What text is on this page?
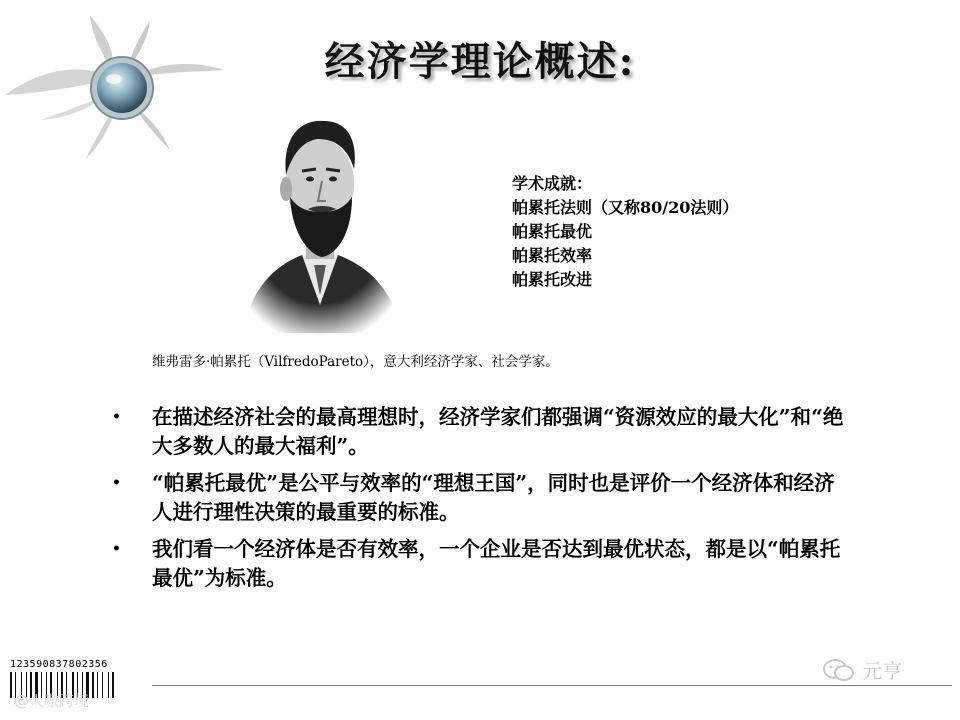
经济学理论概述:
学术成就：
帕累托法则（又称80/20法则）
帕累托最优
帕累托效率
帕累托改进
维弗雷多·帕累托（VilfredoPareto），意大利经济学家、社会学家。
• 在描述经济社会的最高理想时，经济学家们都强调“资源效应的最大化”和“绝大多数人的最大福利”。
• “帕累托最优”是公平与效率的“理想王国”，同时也是评价一个经济体和经济人进行理性决策的最重要的标准。
• 我们看一个经济体是否有效率，一个企业是否达到最优状态，都是以“帕累托最优”为标准。
123590837802356
@人嗷跨境
元亨
